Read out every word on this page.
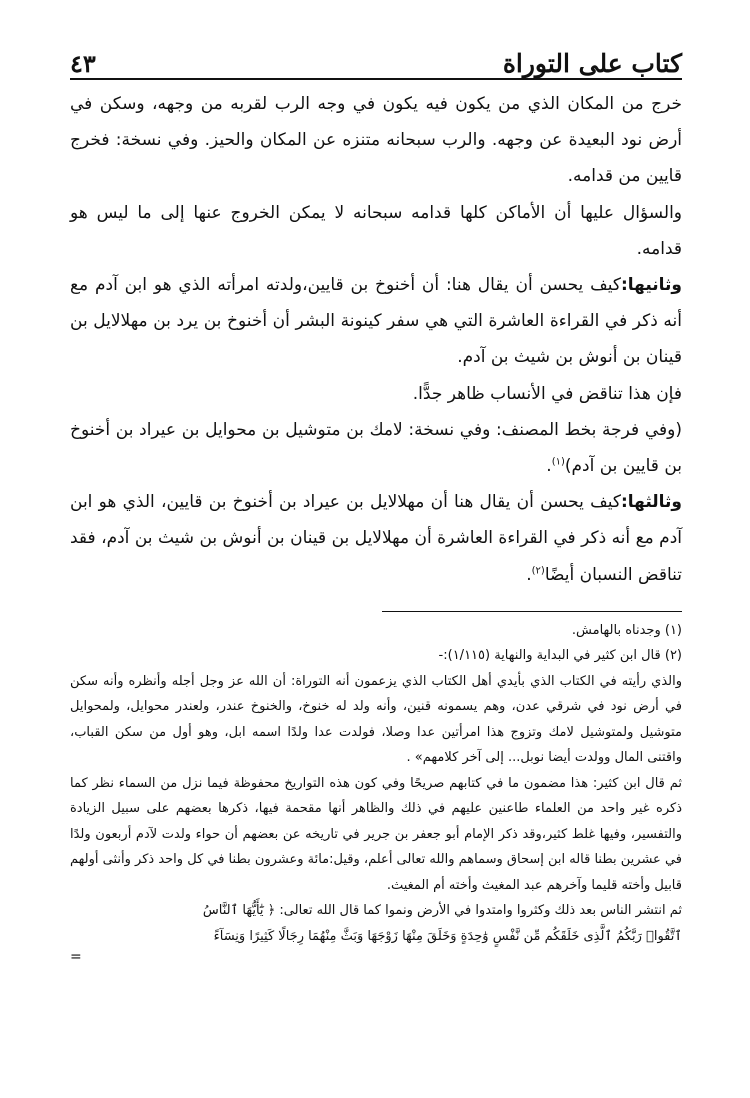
كتاب على التوراة
٤٣

خرج من المكان الذي من يكون فيه يكون في وجه الرب لقربه من وجهه، وسكن في أرض نود البعيدة عن وجهه. والرب سبحانه متنزه عن المكان والحيز. وفي نسخة: فخرج قايين من قدامه.

والسؤال عليها أن الأماكن كلها قدامه سبحانه لا يمكن الخروج عنها إلى ما ليس هو قدامه.

وثانيها:كيف يحسن أن يقال هنا: أن أخنوخ بن قايين،ولدته امرأته الذي هو ابن آدم مع أنه ذكر في القراءة العاشرة التي هي سفر كينونة البشر أن أخنوخ بن يرد بن مهلالايل بن قينان بن أنوش بن شيث بن آدم.

فإن هذا تناقض في الأنساب ظاهر جدًّا.

(وفي فرجة بخط المصنف: وفي نسخة: لامك بن متوشيل بن محوايل بن عيراد بن أخنوخ بن قايين بن آدم)$^{(١)}$.

وثالثها:كيف يحسن أن يقال هنا أن مهلالايل بن عيراد بن أخنوخ بن قايين، الذي هو ابن آدم مع أنه ذكر في القراءة العاشرة أن مهلالايل بن قينان بن أنوش بن شيث بن آدم، فقد تناقض النسبان أيضًا$^{(٢)}$.

(١) وجدناه بالهامش.

(٢) قال ابن كثير في البداية والنهاية (١/١١٥):-

والذي رأيته في الكتاب الذي بأيدي أهل الكتاب الذي يزعمون أنه التوراة: أن الله عز وجل أجله وأنظره وأنه سكن في أرض نود في شرقي عدن، وهم يسمونه قنين، وأنه ولد له خنوخ، والخنوخ عندر، ولعندر محوايل، ولمحوايل متوشيل ولمتوشيل لامك وتزوج هذا امرأتين عدا وصلا، فولدت عدا ولدًا اسمه ابل، وهو أول من سكن القباب، واقتنى المال وولدت أيضا نوبل... إلى آخر كلامهم» .

ثم قال ابن كثير: هذا مضمون ما في كتابهم صريحًا وفي كون هذه التواريخ محفوظة فيما نزل من السماء نظر كما ذكره غير واحد من العلماء طاعنين عليهم في ذلك والظاهر أنها مقحمة فيها، ذكرها بعضهم على سبيل الزيادة والتفسير، وفيها غلط كثير،وقد ذكر الإمام أبو جعفر بن جرير في تاريخه عن بعضهم أن حواء ولدت لآدم أربعون ولدًا في عشرين بطنا قاله ابن إسحاق وسماهم والله تعالى أعلم، وقيل:مائة وعشرون بطنا في كل واحد ذكر وأنثى أولهم قابيل وأخته قليما وآخرهم عبد المغيث وأخته أم المغيث.

ثم انتشر الناس بعد ذلك وكثروا وامتدوا في الأرض ونموا كما قال الله تعالى: ﴿ يَٰٓأَيُّهَا ٱلنَّاسُ

ٱتَّقُوا۟ رَبَّكُمُ ٱلَّذِى خَلَقَكُم مِّن نَّفْسٍ وَٰحِدَةٍ وَخَلَقَ مِنْهَا زَوْجَهَا وَبَثَّ مِنْهُمَا رِجَالًا كَثِيرًا وَنِسَآءً

=
